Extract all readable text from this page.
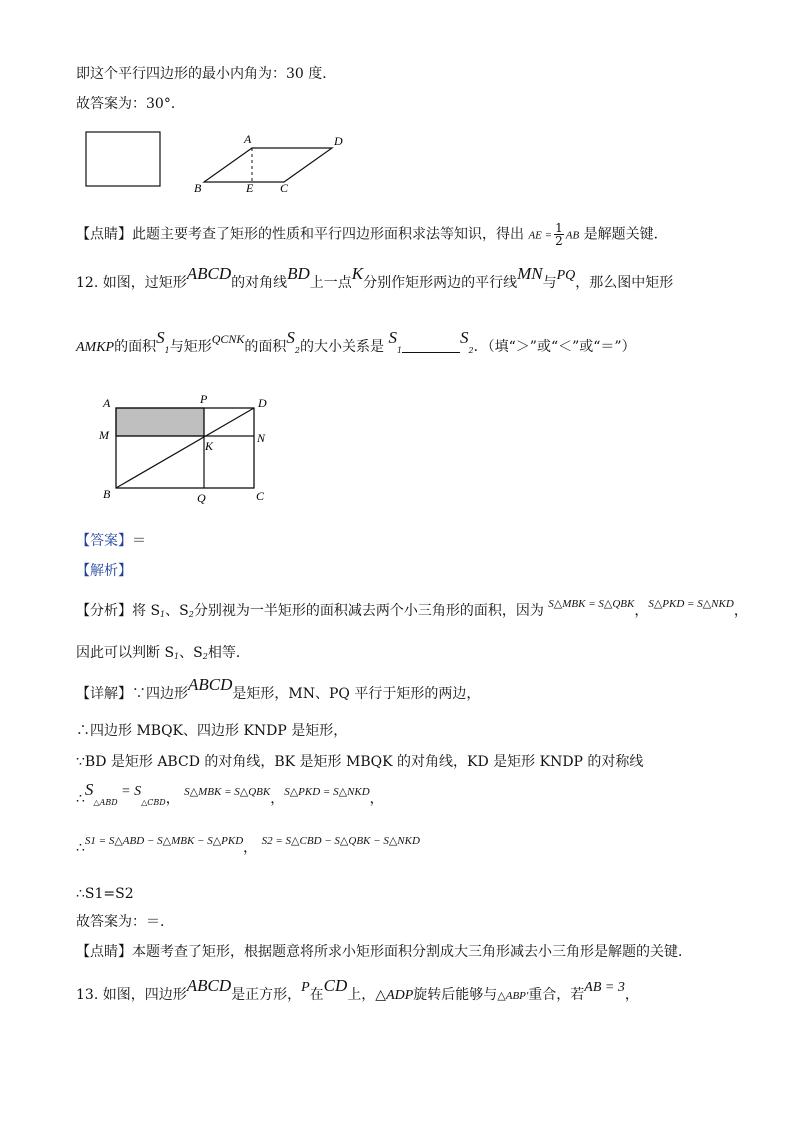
即这个平行四边形的最小内角为：30 度．
故答案为：30°．
A	D
B	E C
【点睛】此题主要考查了矩形的性质和平行四边形面积求法等知识，得出 AE = $\frac{1}{2}$ AB 是解题关键．
12. 如图，过矩形ABCD的对角线BD上一点K分别作矩形两边的平行线MN与PQ，那么图中矩形
AMKP的面积$S_1$与矩形QCNK的面积$S_2$的大小关系是 $S_1S_2$．（填“＞”或“＜”或“＝”）
A	P	D
M	N
K
B	Q	C
【答案】＝
【解析】
【分析】将 $S_1$、$S_2$分别视为一半矩形的面积减去两个小三角形的面积，因为 $^{S\triangle MBK = S\triangle QBK}$，$^{S\triangle PKD = S\triangle NKD}$，
因此可以判断 $S_1$、$S_2$相等．
【详解】∵四边形ABCD是矩形，MN、PQ 平行于矩形的两边，
∴四边形 MBQK、四边形 KNDP 是矩形，
∵BD 是矩形 ABCD 的对角线，BK 是矩形 MBQK 的对角线，KD 是矩形 KNDP 的对称线
$\therefore S_{\triangle ABD} = S_{\triangle CBD}$， $^{S\triangle MBK = S\triangle QBK}$，$^{S\triangle PKD = S\triangle NKD}$，
∴$^{S1 = S\triangle ABD - S\triangle MBK - S\triangle PKD}$， $^{S2 = S\triangle CBD - S\triangle QBK - S\triangle NKD}$
∴S1=S2
故答案为：＝．
【点睛】本题考查了矩形，根据题意将所求小矩形面积分割成大三角形减去小三角形是解题的关键．
13. 如图，四边形ABCD是正方形，P在CD上，△ADP旋转后能够与△ABP'重合，若AB = 3，
